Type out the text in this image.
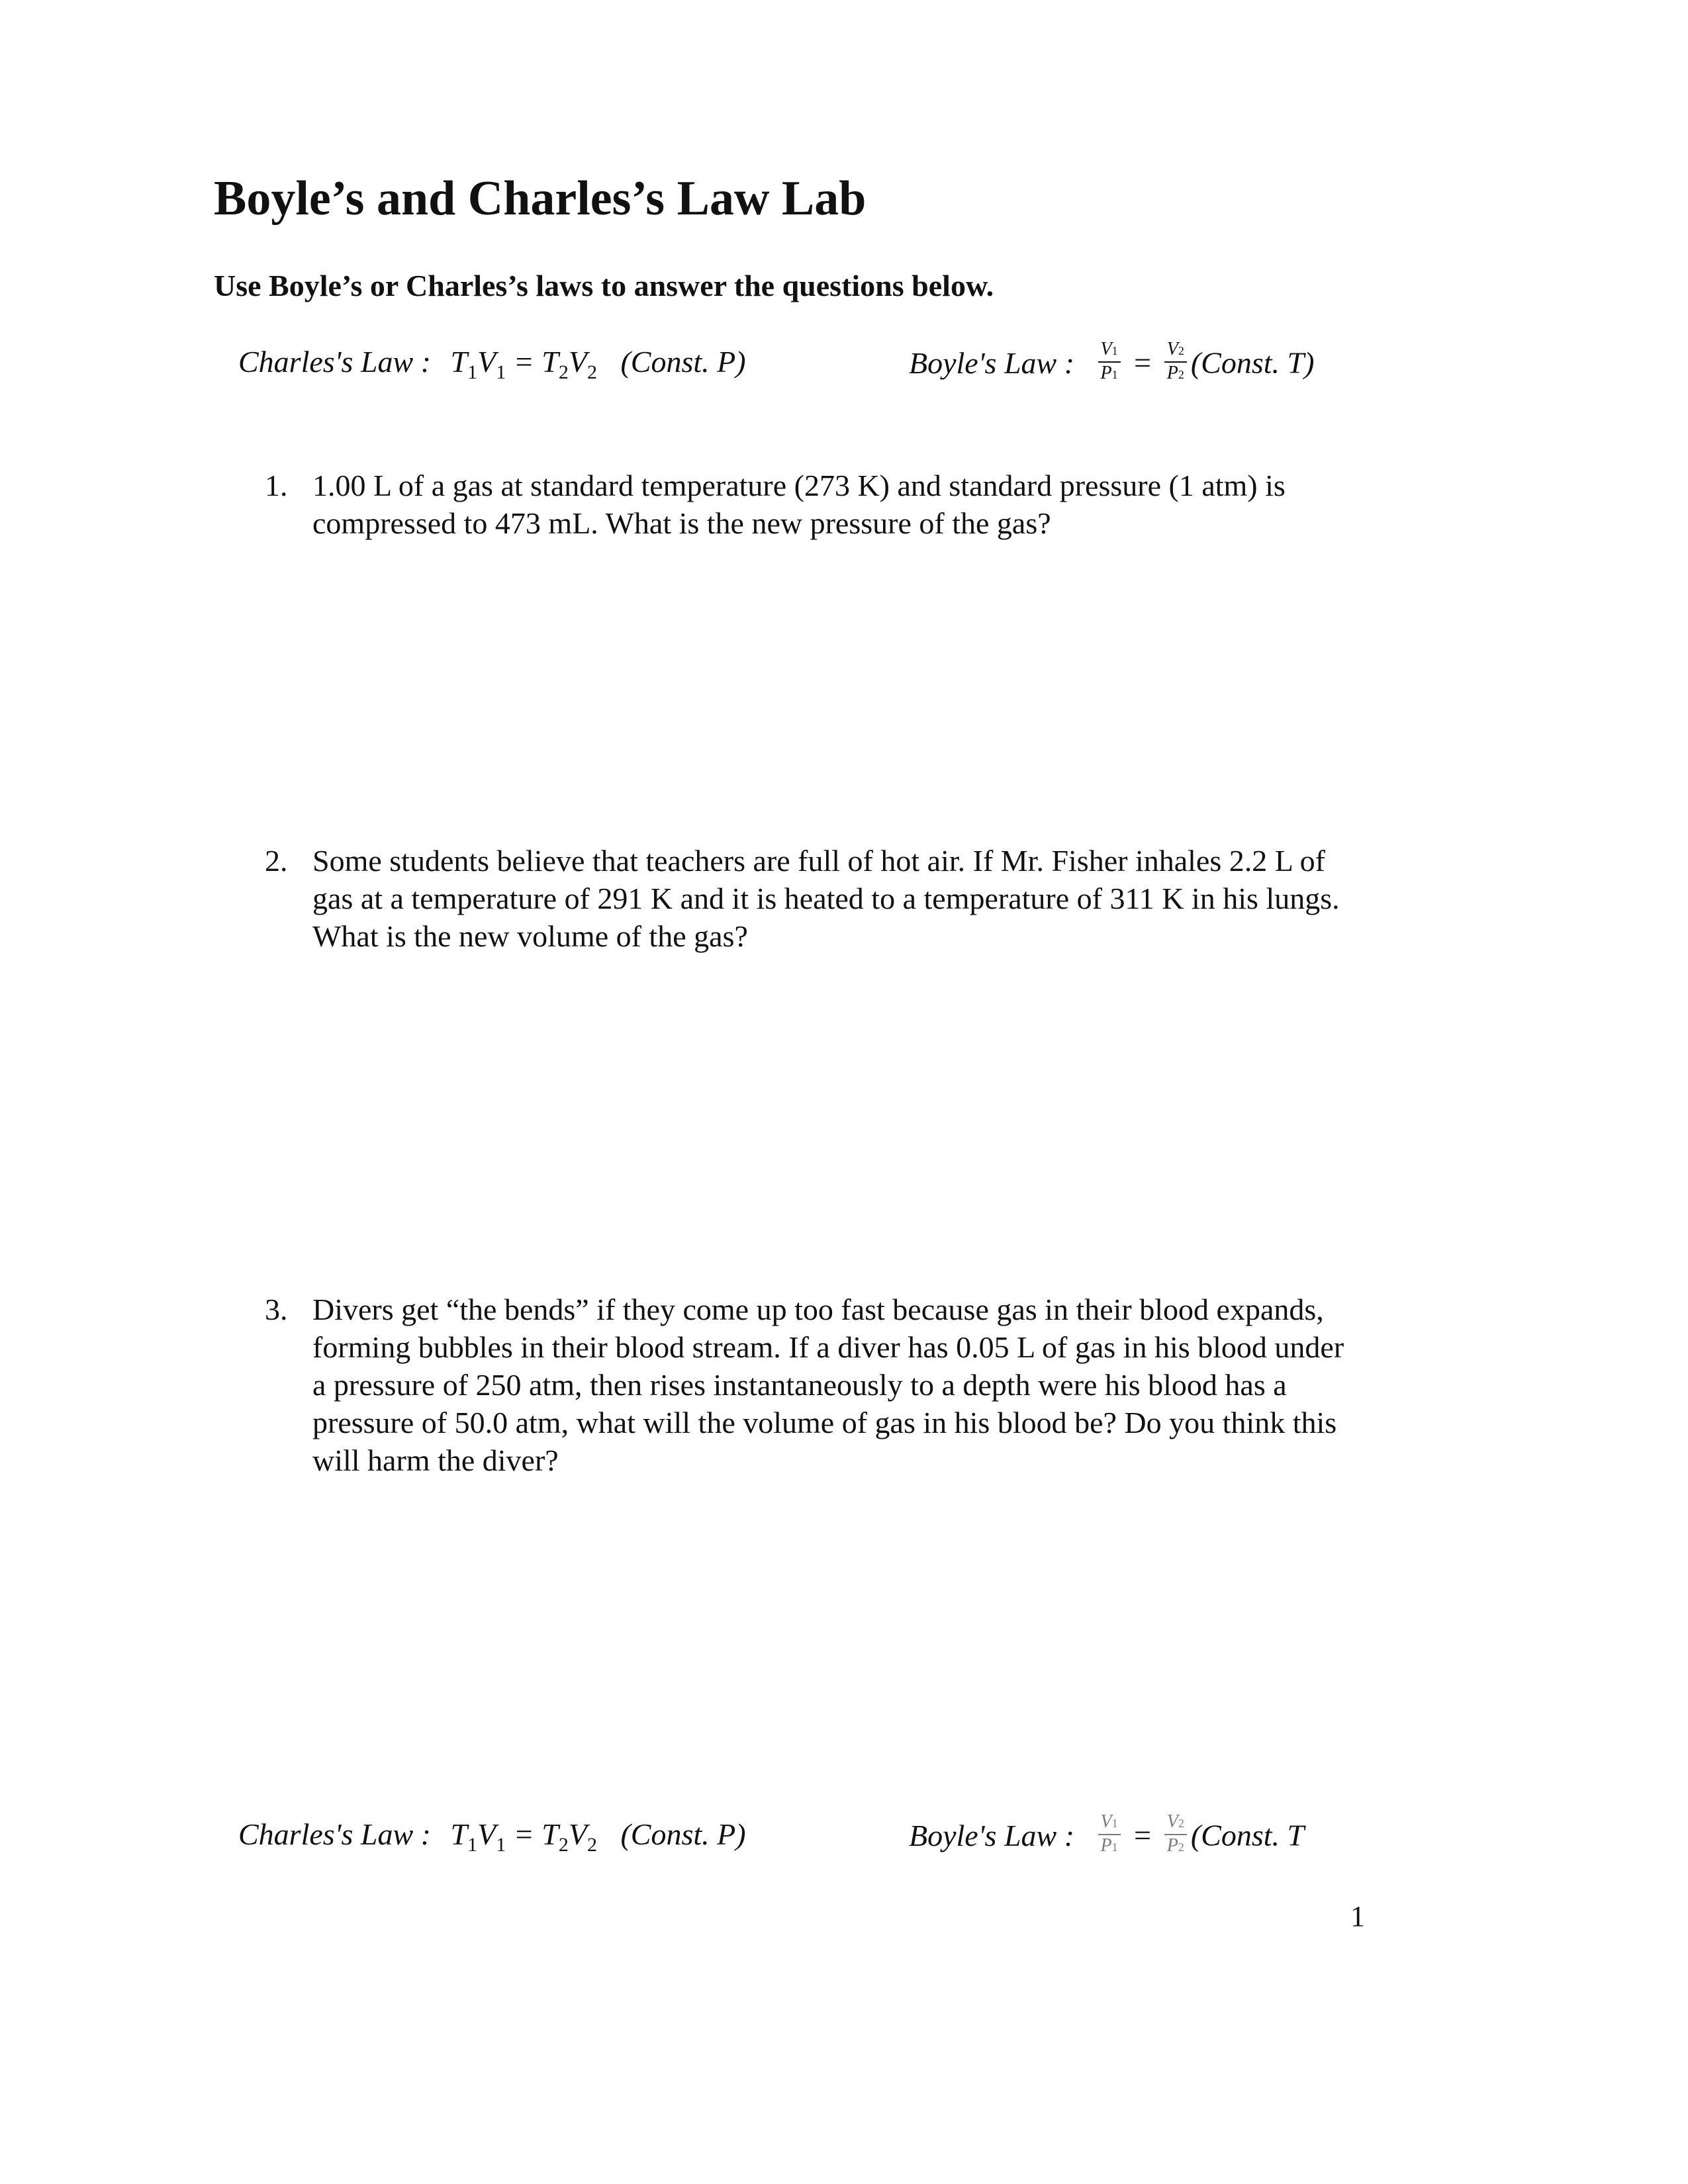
Boyle’s and Charles’s Law Lab
Use Boyle’s or Charles’s laws to answer the questions below.
Charles's Law : $T_1V_1 = T_2V_2$ (Const. P)	Boyle's Law : $\frac{V1}{P1} = \frac{V2}{P2}$ (Const. T)
1. 1.00 L of a gas at standard temperature (273 K) and standard pressure (1 atm) is compressed to 473 mL. What is the new pressure of the gas?
2. Some students believe that teachers are full of hot air. If Mr. Fisher inhales 2.2 L of gas at a temperature of 291 K and it is heated to a temperature of 311 K in his lungs. What is the new volume of the gas?
3. Divers get “the bends” if they come up too fast because gas in their blood expands, forming bubbles in their blood stream. If a diver has 0.05 L of gas in his blood under a pressure of 250 atm, then rises instantaneously to a depth were his blood has a pressure of 50.0 atm, what will the volume of gas in his blood be? Do you think this will harm the diver?
Charles's Law : $T_1V_1 = T_2V_2$ (Const. P)	Boyle's Law : $\frac{V1}{P1} = \frac{V2}{P2}$ (Const. T
1
